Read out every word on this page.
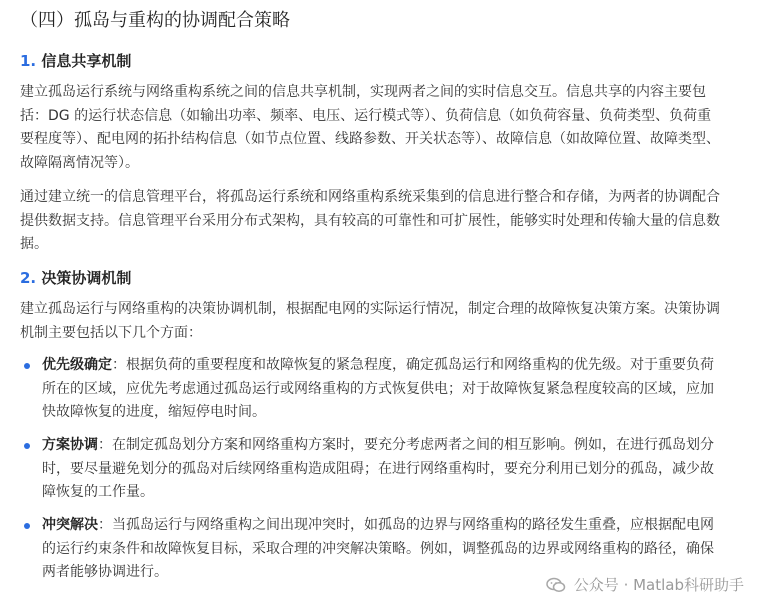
（四）孤岛与重构的协调配合策略
1. 信息共享机制

建立孤岛运行系统与网络重构系统之间的信息共享机制，实现两者之间的实时信息交互。信息共享的内容主要包括：DG 的运行状态信息（如输出功率、频率、电压、运行模式等）、负荷信息（如负荷容量、负荷类型、负荷重要程度等）、配电网的拓扑结构信息（如节点位置、线路参数、开关状态等）、故障信息（如故障位置、故障类型、故障隔离情况等）。

通过建立统一的信息管理平台，将孤岛运行系统和网络重构系统采集到的信息进行整合和存储，为两者的协调配合提供数据支持。信息管理平台采用分布式架构，具有较高的可靠性和可扩展性，能够实时处理和传输大量的信息数据。

2. 决策协调机制

建立孤岛运行与网络重构的决策协调机制，根据配电网的实际运行情况，制定合理的故障恢复决策方案。决策协调机制主要包括以下几个方面：

优先级确定：根据负荷的重要程度和故障恢复的紧急程度，确定孤岛运行和网络重构的优先级。对于重要负荷所在的区域，应优先考虑通过孤岛运行或网络重构的方式恢复供电；对于故障恢复紧急程度较高的区域，应加快故障恢复的进度，缩短停电时间。
方案协调：在制定孤岛划分方案和网络重构方案时，要充分考虑两者之间的相互影响。例如，在进行孤岛划分时，要尽量避免划分的孤岛对后续网络重构造成阻碍；在进行网络重构时，要充分利用已划分的孤岛，减少故障恢复的工作量。
冲突解决：当孤岛运行与网络重构之间出现冲突时，如孤岛的边界与网络重构的路径发生重叠，应根据配电网的运行约束条件和故障恢复目标，采取合理的冲突解决策略。例如，调整孤岛的边界或网络重构的路径，确保两者能够协调进行。
公众号 · Matlab科研助手
